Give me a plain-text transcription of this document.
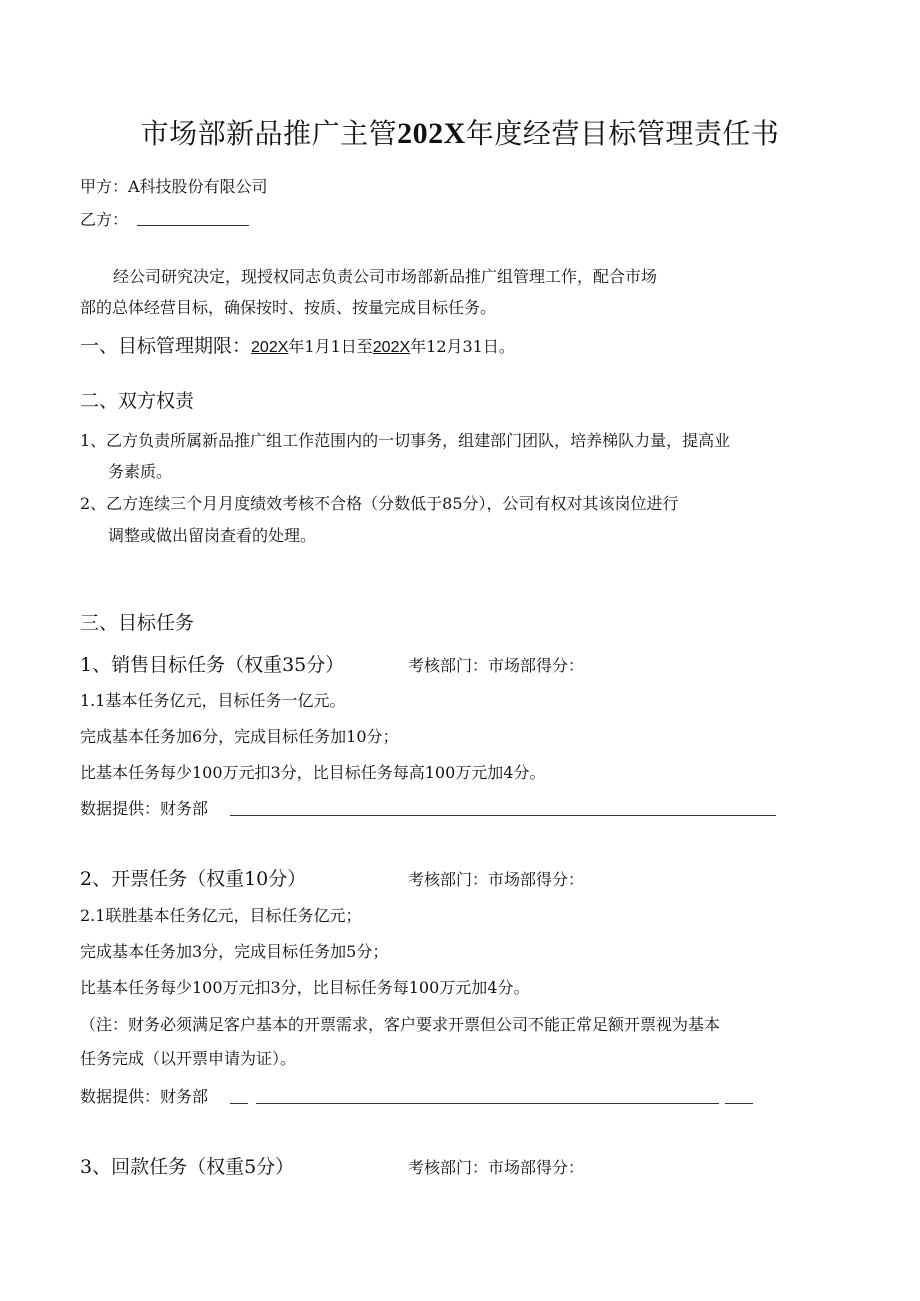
市场部新品推广主管202X年度经营目标管理责任书
甲方：A科技股份有限公司
乙方：
经公司研究决定，现授权同志负责公司市场部新品推广组管理工作，配合市场
部的总体经营目标，确保按时、按质、按量完成目标任务。
一、目标管理期限：202X年1月1日至202X年12月31日。
二、双方权责
1、乙方负责所属新品推广组工作范围内的一切事务，组建部门团队，培养梯队力量，提高业
务素质。
2、乙方连续三个月月度绩效考核不合格（分数低于85分），公司有权对其该岗位进行
调整或做出留岗查看的处理。
三、目标任务
1、销售目标任务（权重35分）	考核部门：市场部得分：
1.1基本任务亿元，目标任务一亿元。
完成基本任务加6分，完成目标任务加10分；
比基本任务每少100万元扣3分，比目标任务每高100万元加4分。
数据提供：财务部
2、开票任务（权重10分）	考核部门：市场部得分：
2.1联胜基本任务亿元，目标任务亿元；
完成基本任务加3分，完成目标任务加5分；
比基本任务每少100万元扣3分，比目标任务每100万元加4分。
（注：财务必须满足客户基本的开票需求，客户要求开票但公司不能正常足额开票视为基本
任务完成（以开票申请为证）。
数据提供：财务部
3、回款任务（权重5分）	考核部门：市场部得分：
